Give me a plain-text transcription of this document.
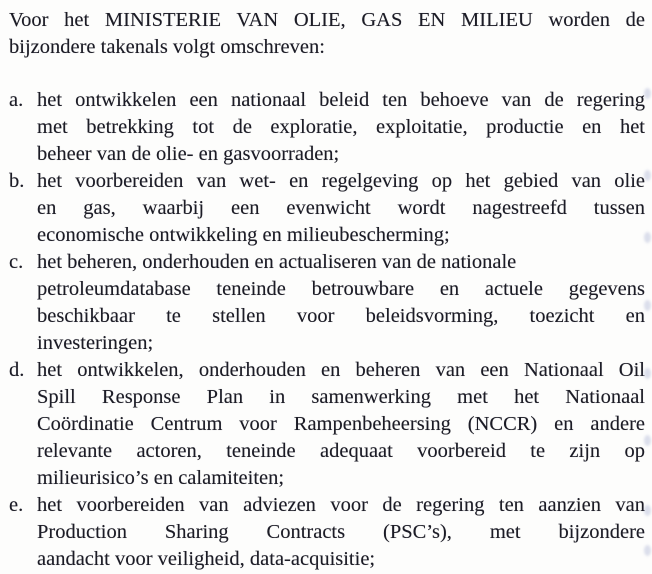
Voor het MINISTERIE VAN OLIE, GAS EN MILIEU worden de
bijzondere takenals volgt omschreven:
a. het ontwikkelen een nationaal beleid ten behoeve van de regering
met betrekking tot de exploratie, exploitatie, productie en het
beheer van de olie- en gasvoorraden;
b. het voorbereiden van wet- en regelgeving op het gebied van olie
en gas, waarbij een evenwicht wordt nagestreefd tussen
economische ontwikkeling en milieubescherming;
c. het beheren, onderhouden en actualiseren van de nationale
petroleumdatabase teneinde betrouwbare en actuele gegevens
beschikbaar te stellen voor beleidsvorming, toezicht en
investeringen;
d. het ontwikkelen, onderhouden en beheren van een Nationaal Oil
Spill Response Plan in samenwerking met het Nationaal
Coördinatie Centrum voor Rampenbeheersing (NCCR) en andere
relevante actoren, teneinde adequaat voorbereid te zijn op
milieurisico’s en calamiteiten;
e. het voorbereiden van adviezen voor de regering ten aanzien van
Production Sharing Contracts (PSC’s), met bijzondere
aandacht voor veiligheid, data-acquisitie;
